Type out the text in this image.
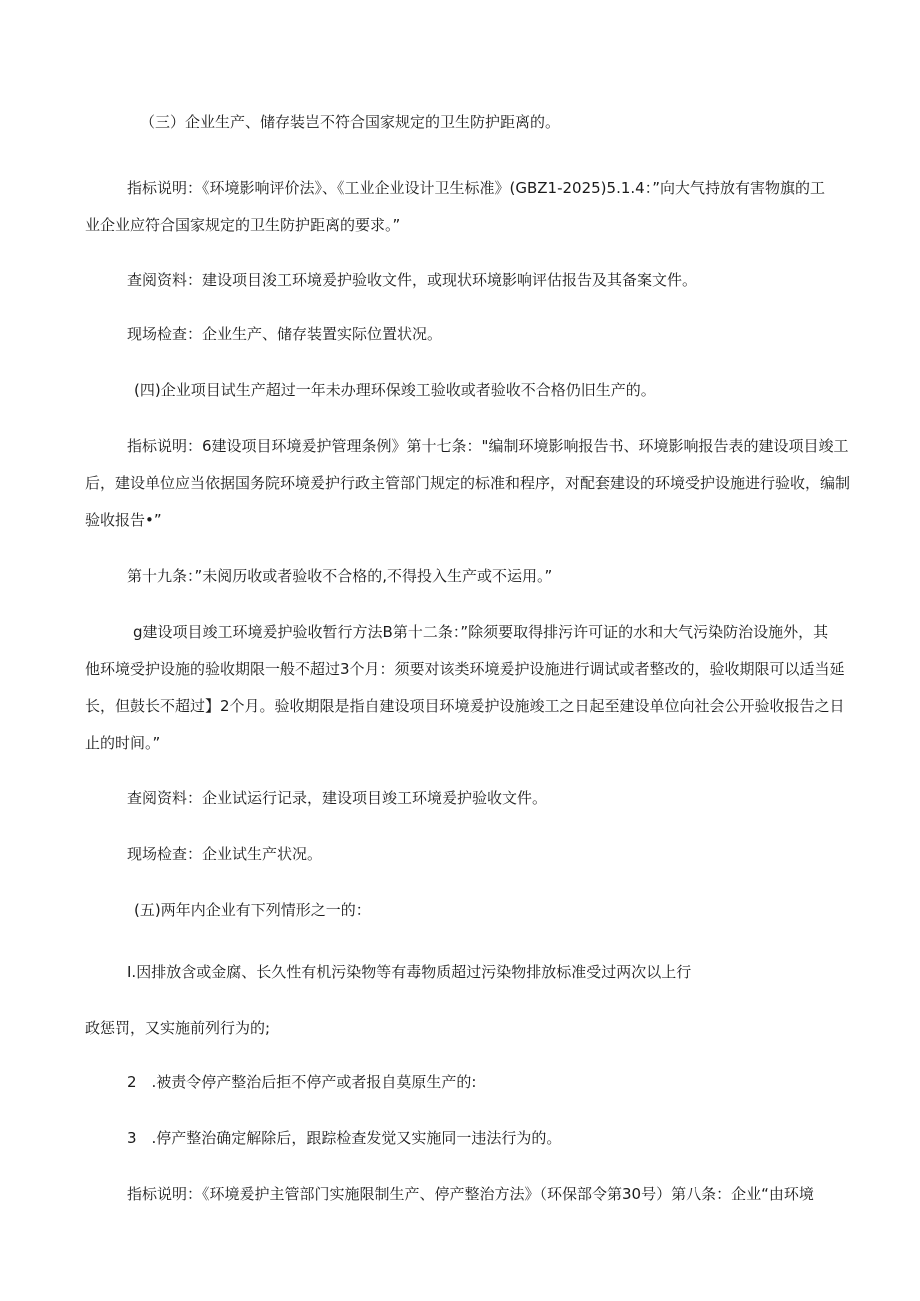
（三）企业生产、储存装岂不符合国家规定的卫生防护距离的。
指标说明：《环境影响评价法》、《工业企业设计卫生标准》(GBZ1-2025)5.1.4：”向大气持放有害物旗的工
业企业应符合国家规定的卫生防护距离的要求。”
查阅资料：建设项目浚工环境爰护验收文件，或现状环境影响评估报告及其备案文件。
现场检查：企业生产、储存装置实际位置状况。
(四)企业项目试生产超过一年未办理环保竣工验收或者验收不合格仍旧生产的。
指标说明：6建设项目环境爰护管理条例》第十七条："编制环境影响报告书、环境影响报告表的建设项目竣工
后，建设单位应当依据国务院环境爰护行政主管部门规定的标准和程序，对配套建设的环境受护设施进行验收，编制
验收报告•”
第十九条：”未阅历收或者验收不合格的,不得投入生产或不运用。”
g建设项目竣工环境爰护验收暂行方法B第十二条：”除须要取得排污许可证的水和大气污染防治设施外，其
他环境受护设施的验收期限一般不超过3个月：须要对该类环境爰护设施进行调试或者整改的，验收期限可以适当延
长，但鼓长不超过】2个月。验收期限是指自建设项目环境爰护设施竣工之日起至建设单位向社会公开验收报告之日
止的时间。”
查阅资料：企业试运行记录，建设项目竣工环境爰护验收文件。
现场检查：企业试生产状况。
(五)两年内企业有下列情形之一的：
I.因排放含或金腐、长久性有机污染物等有毒物质超过污染物排放标准受过两次以上行
政惩罚，又实施前列行为的;
2　.被责令停产整治后拒不停产或者报自莫原生产的:
3　.停产整治确定解除后，跟踪检查发觉又实施同一违法行为的。
指标说明：《环境爰护主管部门实施限制生产、停产整治方法》（环保部令第30号）第八条：企业“由环境
